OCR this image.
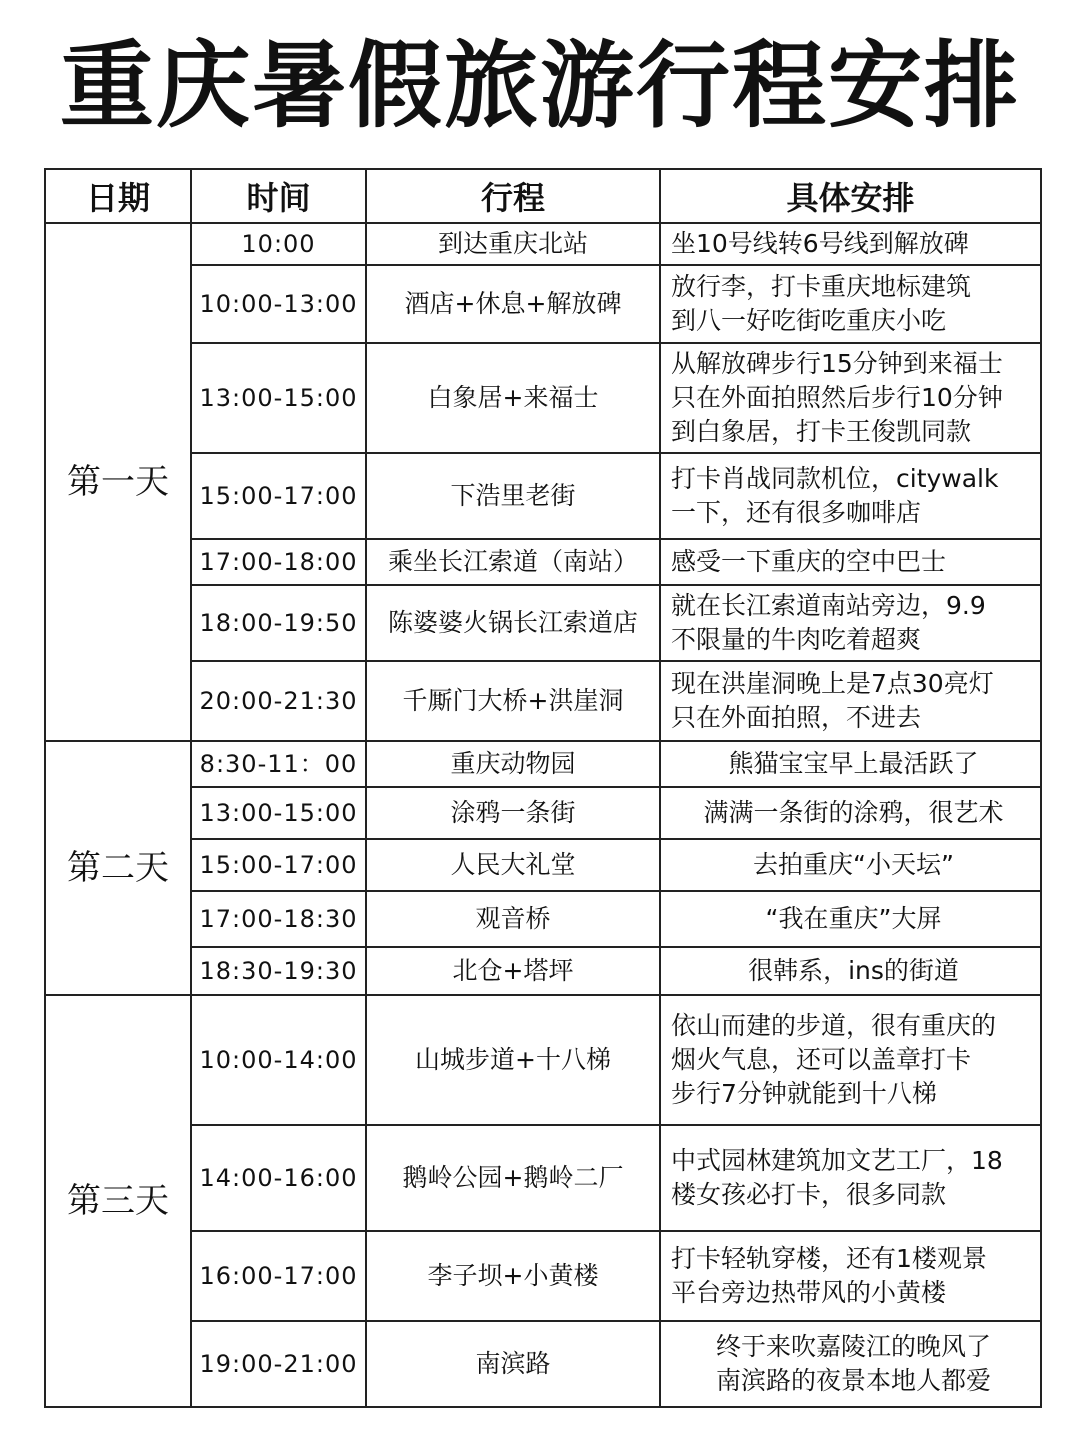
重庆暑假旅游行程安排
日期	时间	行程	具体安排
第一天	10:00	到达重庆北站	坐10号线转6号线到解放碑

	10:00-13:00	酒店+休息+解放碑	放行李，打卡重庆地标建筑
到八一好吃街吃重庆小吃

	13:00-15:00	白象居+来福士	从解放碑步行15分钟到来福士
只在外面拍照然后步行10分钟
到白象居，打卡王俊凯同款

	15:00-17:00	下浩里老街	打卡肖战同款机位，citywalk
一下，还有很多咖啡店

	17:00-18:00	乘坐长江索道（南站）	感受一下重庆的空中巴士

	18:00-19:50	陈婆婆火锅长江索道店	就在长江索道南站旁边，9.9
不限量的牛肉吃着超爽

	20:00-21:30	千厮门大桥+洪崖洞	现在洪崖洞晚上是7点30亮灯
只在外面拍照，不进去

第二天	8:30-11：00	重庆动物园	熊猫宝宝早上最活跃了

	13:00-15:00	涂鸦一条街	满满一条街的涂鸦，很艺术

	15:00-17:00	人民大礼堂	去拍重庆“小天坛”

	17:00-18:30	观音桥	“我在重庆”大屏

	18:30-19:30	北仓+塔坪	很韩系，ins的街道

第三天	10:00-14:00	山城步道+十八梯	依山而建的步道，很有重庆的
烟火气息，还可以盖章打卡
步行7分钟就能到十八梯

	14:00-16:00	鹅岭公园+鹅岭二厂	中式园林建筑加文艺工厂，18
楼女孩必打卡，很多同款

	16:00-17:00	李子坝+小黄楼	打卡轻轨穿楼，还有1楼观景
平台旁边热带风的小黄楼

	19:00-21:00	南滨路	终于来吹嘉陵江的晚风了
南滨路的夜景本地人都爱
